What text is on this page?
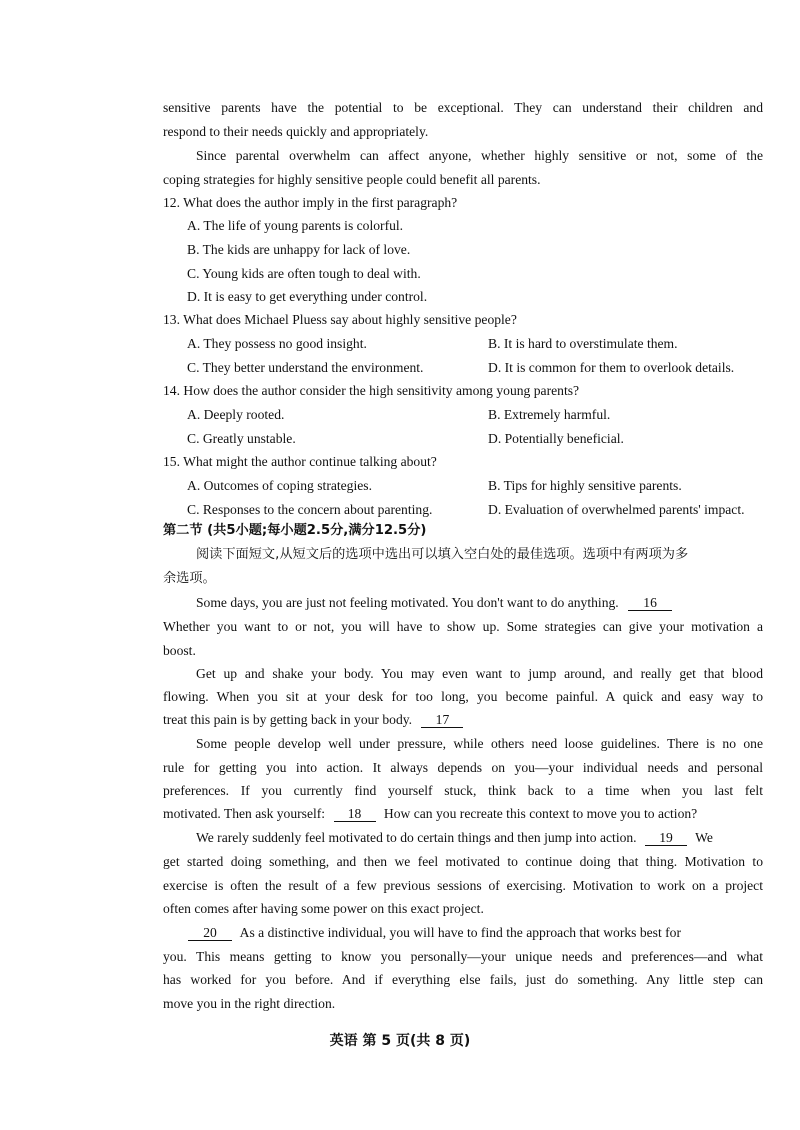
sensitive parents have the potential to be exceptional. They can understand their children and
respond to their needs quickly and appropriately.
Since parental overwhelm can affect anyone, whether highly sensitive or not, some of the
coping strategies for highly sensitive people could benefit all parents.
12. What does the author imply in the first paragraph?
A. The life of young parents is colorful.
B. The kids are unhappy for lack of love.
C. Young kids are often tough to deal with.
D. It is easy to get everything under control.
13. What does Michael Pluess say about highly sensitive people?
A. They possess no good insight.	B. It is hard to overstimulate them.
C. They better understand the environment.	D. It is common for them to overlook details.
14. How does the author consider the high sensitivity among young parents?
A. Deeply rooted.	B. Extremely harmful.
C. Greatly unstable.	D. Potentially beneficial.
15. What might the author continue talking about?
A. Outcomes of coping strategies.	B. Tips for highly sensitive parents.
C. Responses to the concern about parenting.	D. Evaluation of overwhelmed parents' impact.
第二节 (共5小题;每小题2.5分,满分12.5分)
阅读下面短文,从短文后的选项中选出可以填入空白处的最佳选项。选项中有两项为多
余选项。
Some days, you are just not feeling motivated. You don't want to do anything. 16
Whether you want to or not, you will have to show up. Some strategies can give your motivation a
boost.
Get up and shake your body. You may even want to jump around, and really get that blood
flowing. When you sit at your desk for too long, you become painful. A quick and easy way to
treat this pain is by getting back in your body. 17
Some people develop well under pressure, while others need loose guidelines. There is no one
rule for getting you into action. It always depends on you—your individual needs and personal
preferences. If you currently find yourself stuck, think back to a time when you last felt
motivated. Then ask yourself: 18 How can you recreate this context to move you to action?
We rarely suddenly feel motivated to do certain things and then jump into action. 19 We
get started doing something, and then we feel motivated to continue doing that thing. Motivation to
exercise is often the result of a few previous sessions of exercising. Motivation to work on a project
often comes after having some power on this exact project.
20 As a distinctive individual, you will have to find the approach that works best for
you. This means getting to know you personally—your unique needs and preferences—and what
has worked for you before. And if everything else fails, just do something. Any little step can
move you in the right direction.
英语 第 5 页(共 8 页)
